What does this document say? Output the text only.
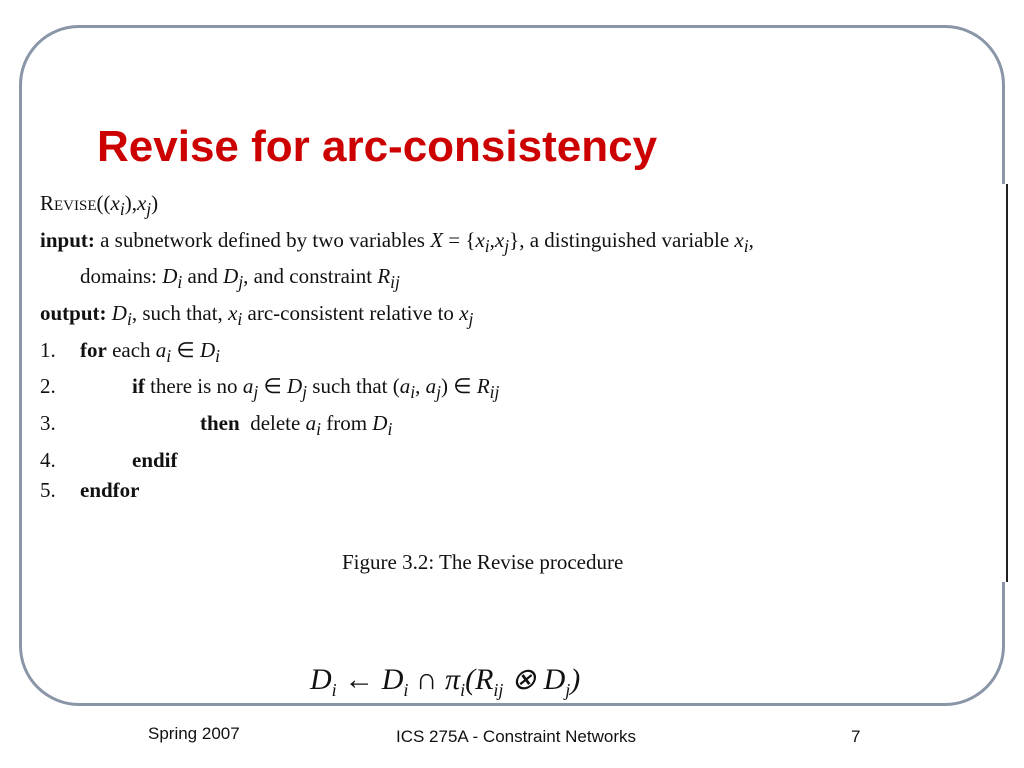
Revise for arc-consistency
Revise (( $x_i$ ), $x_j$ )
input: a subnetwork defined by two variables X = { $x_i$ , $x_j$ }, a distinguished variable $x_i$ ,
domains: $D_i$ and $D_j$ , and constraint $R_{ij}$
output:
$D_i$ , such that, $x_i$ arc-consistent relative to $x_j$
1.	for each $a_i$ ∈ $D_i$
2.	if there is no $a_j$ ∈ $D_j$ such that ($a_i$, $a_j$) ∈ $R_{ij}$
3.	then  delete $a_i$ from $D_i$
4.	endif
5.	endfor
Figure 3.2: The Revise procedure
$D_i$ ← $D_i$ ∩ $\pi_i(R_{ij}$ ⊗ $D_j$)
Spring 2007	ICS 275A - Constraint Networks	7
